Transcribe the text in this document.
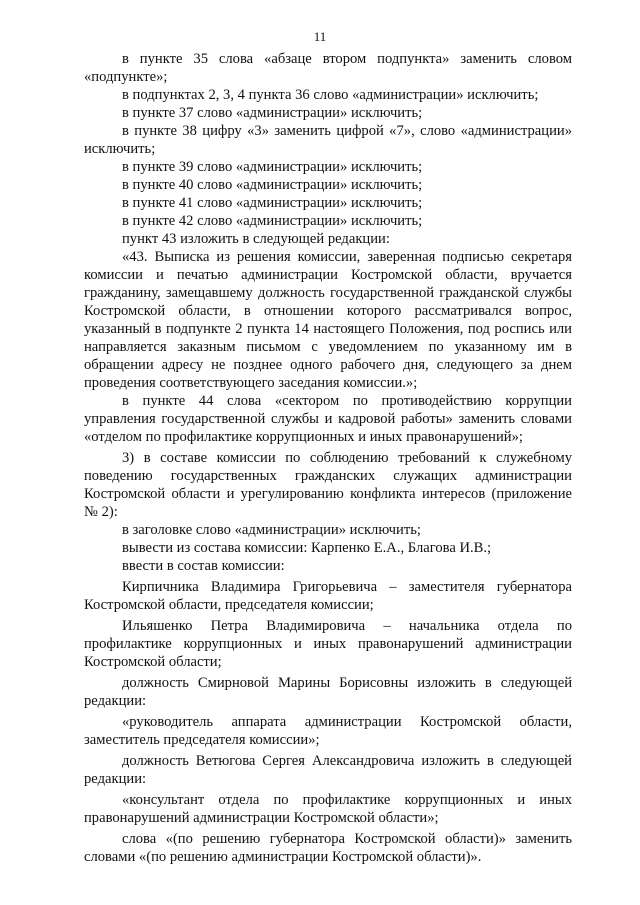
11

в пункте 35 слова «абзаце втором подпункта» заменить словом «подпункте»;

в подпунктах 2, 3, 4 пункта 36 слово «администрации» исключить;

в пункте 37 слово «администрации» исключить;

в пункте 38 цифру «3» заменить цифрой «7», слово «администрации» исключить;

в пункте 39 слово «администрации» исключить;

в пункте 40 слово «администрации» исключить;

в пункте 41 слово «администрации» исключить;

в пункте 42 слово «администрации» исключить;

пункт 43 изложить в следующей редакции:

«43. Выписка из решения комиссии, заверенная подписью секретаря комиссии и печатью администрации Костромской области, вручается гражданину, замещавшему должность государственной гражданской службы Костромской области, в отношении которого рассматривался вопрос, указанный в подпункте 2 пункта 14 настоящего Положения, под роспись или направляется заказным письмом с уведомлением по указанному им в обращении адресу не позднее одного рабочего дня, следующего за днем проведения соответствующего заседания комиссии.»;

в пункте 44 слова «сектором по противодействию коррупции управления государственной службы и кадровой работы» заменить словами «отделом по профилактике коррупционных и иных правонарушений»;

3) в составе комиссии по соблюдению требований к служебному поведению государственных гражданских служащих администрации Костромской области и урегулированию конфликта интересов (приложение № 2):

в заголовке слово «администрации» исключить;

вывести из состава комиссии: Карпенко Е.А., Благова И.В.;

ввести в состав комиссии:

Кирпичника Владимира Григорьевича – заместителя губернатора Костромской области, председателя комиссии;

Ильяшенко Петра Владимировича – начальника отдела по профилактике коррупционных и иных правонарушений администрации Костромской области;

должность Смирновой Марины Борисовны изложить в следующей редакции:

«руководитель аппарата администрации Костромской области, заместитель председателя комиссии»;

должность Ветюгова Сергея Александровича изложить в следующей редакции:

«консультант отдела по профилактике коррупционных и иных правонарушений администрации Костромской области»;

слова «(по решению губернатора Костромской области)» заменить словами «(по решению администрации Костромской области)».
